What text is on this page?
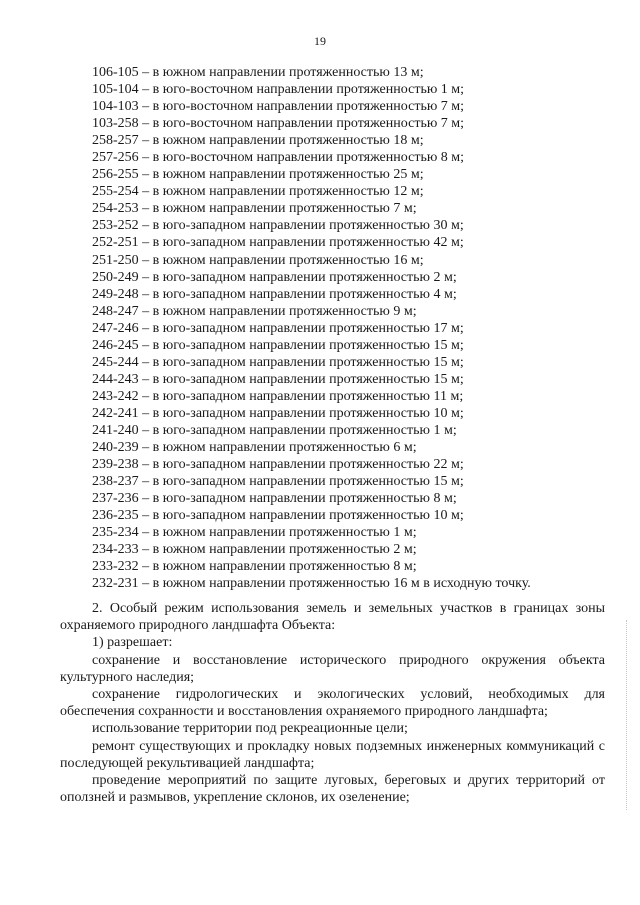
19
106-105 – в южном направлении протяженностью 13 м;
105-104 – в юго-восточном направлении протяженностью 1 м;
104-103 – в юго-восточном направлении протяженностью 7 м;
103-258 – в юго-восточном направлении протяженностью 7 м;
258-257 – в южном направлении протяженностью 18 м;
257-256 – в юго-восточном направлении протяженностью 8 м;
256-255 – в южном направлении протяженностью 25 м;
255-254 – в южном направлении протяженностью 12 м;
254-253 – в южном направлении протяженностью 7 м;
253-252 – в юго-западном направлении протяженностью 30 м;
252-251 – в юго-западном направлении протяженностью 42 м;
251-250 – в южном направлении протяженностью 16 м;
250-249 – в юго-западном направлении протяженностью 2 м;
249-248 – в юго-западном направлении протяженностью 4 м;
248-247 – в южном направлении протяженностью 9 м;
247-246 – в юго-западном направлении протяженностью 17 м;
246-245 – в юго-западном направлении протяженностью 15 м;
245-244 – в юго-западном направлении протяженностью 15 м;
244-243 – в юго-западном направлении протяженностью 15 м;
243-242 – в юго-западном направлении протяженностью 11 м;
242-241 – в юго-западном направлении протяженностью 10 м;
241-240 – в юго-западном направлении протяженностью 1 м;
240-239 – в южном направлении протяженностью 6 м;
239-238 – в юго-западном направлении протяженностью 22 м;
238-237 – в юго-западном направлении протяженностью 15 м;
237-236 – в юго-западном направлении протяженностью 8 м;
236-235 – в юго-западном направлении протяженностью 10 м;
235-234 – в южном направлении протяженностью 1 м;
234-233 – в южном направлении протяженностью 2 м;
233-232 – в южном направлении протяженностью 8 м;
232-231 – в южном направлении протяженностью 16 м в исходную точку.
2. Особый режим использования земель и земельных участков в границах зоны охраняемого природного ландшафта Объекта:
1) разрешает:
сохранение и восстановление исторического природного окружения объекта культурного наследия;
сохранение гидрологических и экологических условий, необходимых для обеспечения сохранности и восстановления охраняемого природного ландшафта;
использование территории под рекреационные цели;
ремонт существующих и прокладку новых подземных инженерных коммуникаций с последующей рекультивацией ландшафта;
проведение мероприятий по защите луговых, береговых и других территорий от оползней и размывов, укрепление склонов, их озеленение;
